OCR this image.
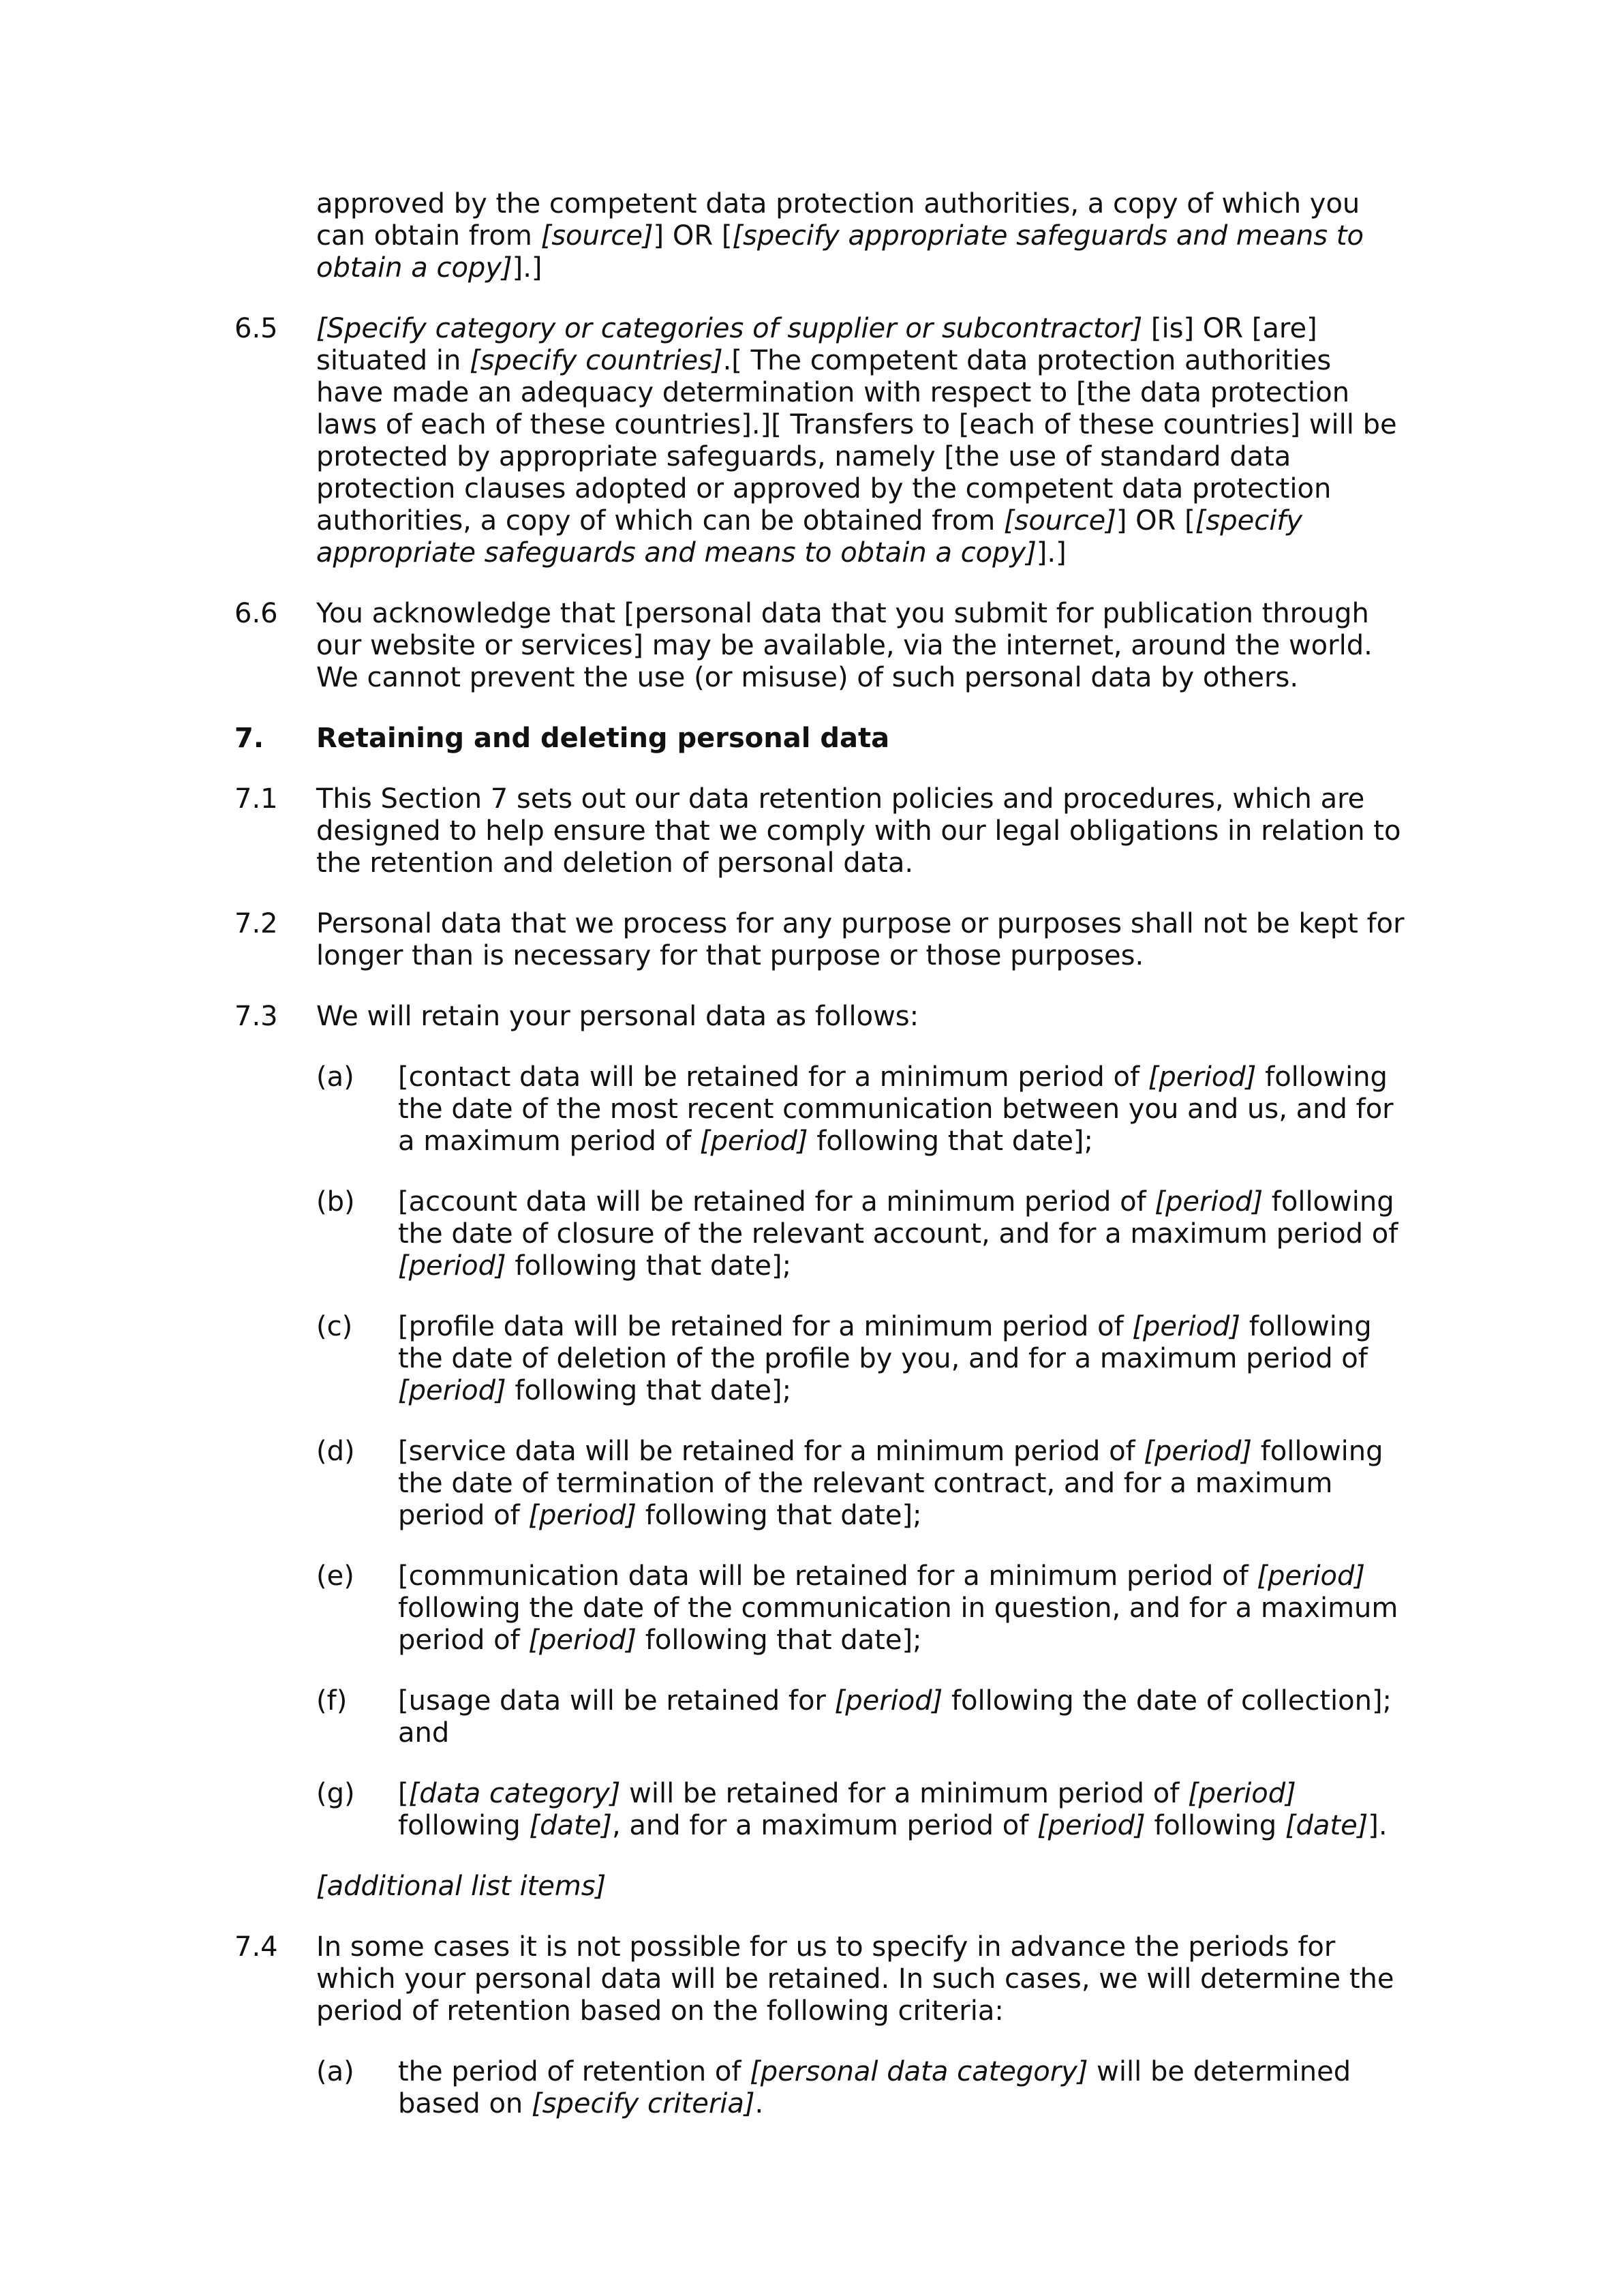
approved by the competent data protection authorities, a copy of which you can obtain from [source]] OR [[specify appropriate safeguards and means to obtain a copy]].]
6.5	[Specify category or categories of supplier or subcontractor] [is] OR [are] situated in [specify countries].[ The competent data protection authorities have made an adequacy determination with respect to [the data protection laws of each of these countries].][ Transfers to [each of these countries] will be protected by appropriate safeguards, namely [the use of standard data protection clauses adopted or approved by the competent data protection authorities, a copy of which can be obtained from [source]] OR [[specify appropriate safeguards and means to obtain a copy]].]
6.6	You acknowledge that [personal data that you submit for publication through our website or services] may be available, via the internet, around the world. We cannot prevent the use (or misuse) of such personal data by others.
7.	Retaining and deleting personal data
7.1	This Section 7 sets out our data retention policies and procedures, which are designed to help ensure that we comply with our legal obligations in relation to the retention and deletion of personal data.
7.2	Personal data that we process for any purpose or purposes shall not be kept for longer than is necessary for that purpose or those purposes.
7.3	We will retain your personal data as follows:
(a)	[contact data will be retained for a minimum period of [period] following the date of the most recent communication between you and us, and for a maximum period of [period] following that date];
(b)	[account data will be retained for a minimum period of [period] following the date of closure of the relevant account, and for a maximum period of [period] following that date];
(c)	[profile data will be retained for a minimum period of [period] following the date of deletion of the profile by you, and for a maximum period of [period] following that date];
(d)	[service data will be retained for a minimum period of [period] following the date of termination of the relevant contract, and for a maximum period of [period] following that date];
(e)	[communication data will be retained for a minimum period of [period] following the date of the communication in question, and for a maximum period of [period] following that date];
(f)	[usage data will be retained for [period] following the date of collection]; and
(g)	[[data category] will be retained for a minimum period of [period] following [date], and for a maximum period of [period] following [date]].
[additional list items]
7.4	In some cases it is not possible for us to specify in advance the periods for which your personal data will be retained. In such cases, we will determine the period of retention based on the following criteria:
(a)	the period of retention of [personal data category] will be determined based on [specify criteria].
